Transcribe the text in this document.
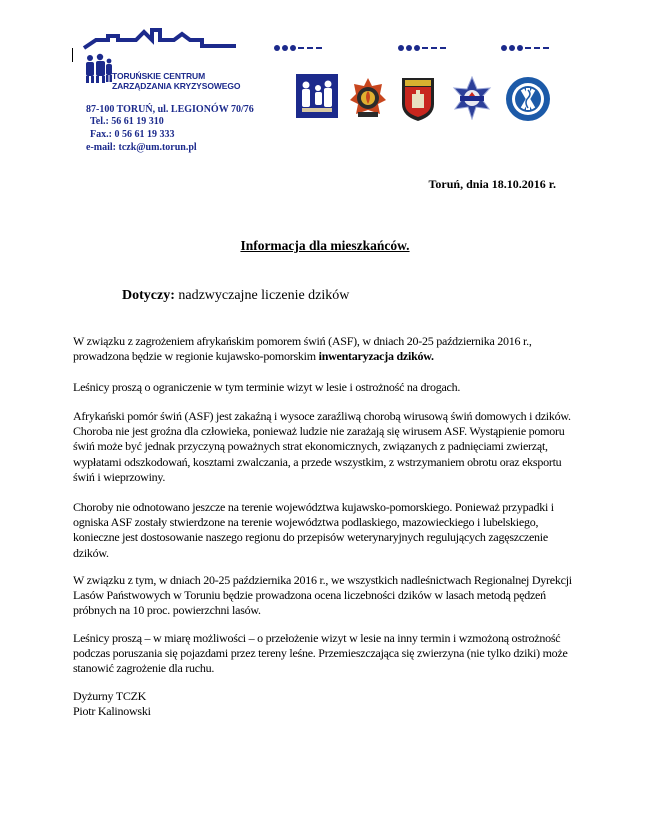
TORUŃSKIE CENTRUM
ZARZĄDZANIA KRYZYSOWEGO
87-100 TORUŃ, ul. LEGIONÓW 70/76
Tel.: 56 61 19 310
Fax.: 0 56 61 19 333
e-mail: tczk@um.torun.pl
Toruń, dnia 18.10.2016 r.
Informacja dla mieszkańców.
Dotyczy: nadzwyczajne liczenie dzików
W związku z zagrożeniem afrykańskim pomorem świń (ASF), w dniach 20-25 października 2016 r., prowadzona będzie w regionie kujawsko-pomorskim inwentaryzacja dzików.
Leśnicy proszą o ograniczenie w tym terminie wizyt w lesie i ostrożność na drogach.
Afrykański pomór świń (ASF) jest zakaźną i wysoce zaraźliwą chorobą wirusową świń domowych i dzików. Choroba nie jest groźna dla człowieka, ponieważ ludzie nie zarażają się wirusem ASF. Wystąpienie pomoru świń może być jednak przyczyną poważnych strat ekonomicznych, związanych z padnięciami zwierząt, wypłatami odszkodowań, kosztami zwalczania, a przede wszystkim, z wstrzymaniem obrotu oraz eksportu świń i wieprzowiny.
Choroby nie odnotowano jeszcze na terenie województwa kujawsko-pomorskiego. Ponieważ przypadki i ogniska ASF zostały stwierdzone na terenie województwa podlaskiego, mazowieckiego i lubelskiego, konieczne jest dostosowanie naszego regionu do przepisów weterynaryjnych regulujących zagęszczenie dzików.
W związku z tym, w dniach 20-25 października 2016 r., we wszystkich nadleśnictwach Regionalnej Dyrekcji Lasów Państwowych w Toruniu będzie prowadzona ocena liczebności dzików w lasach metodą pędzeń próbnych na 10 proc. powierzchni lasów.
Leśnicy proszą – w miarę możliwości – o przełożenie wizyt w lesie na inny termin i wzmożoną ostrożność podczas poruszania się pojazdami przez tereny leśne. Przemieszczająca się zwierzyna (nie tylko dziki) może stanowić zagrożenie dla ruchu.
Dyżurny TCZK
Piotr Kalinowski
